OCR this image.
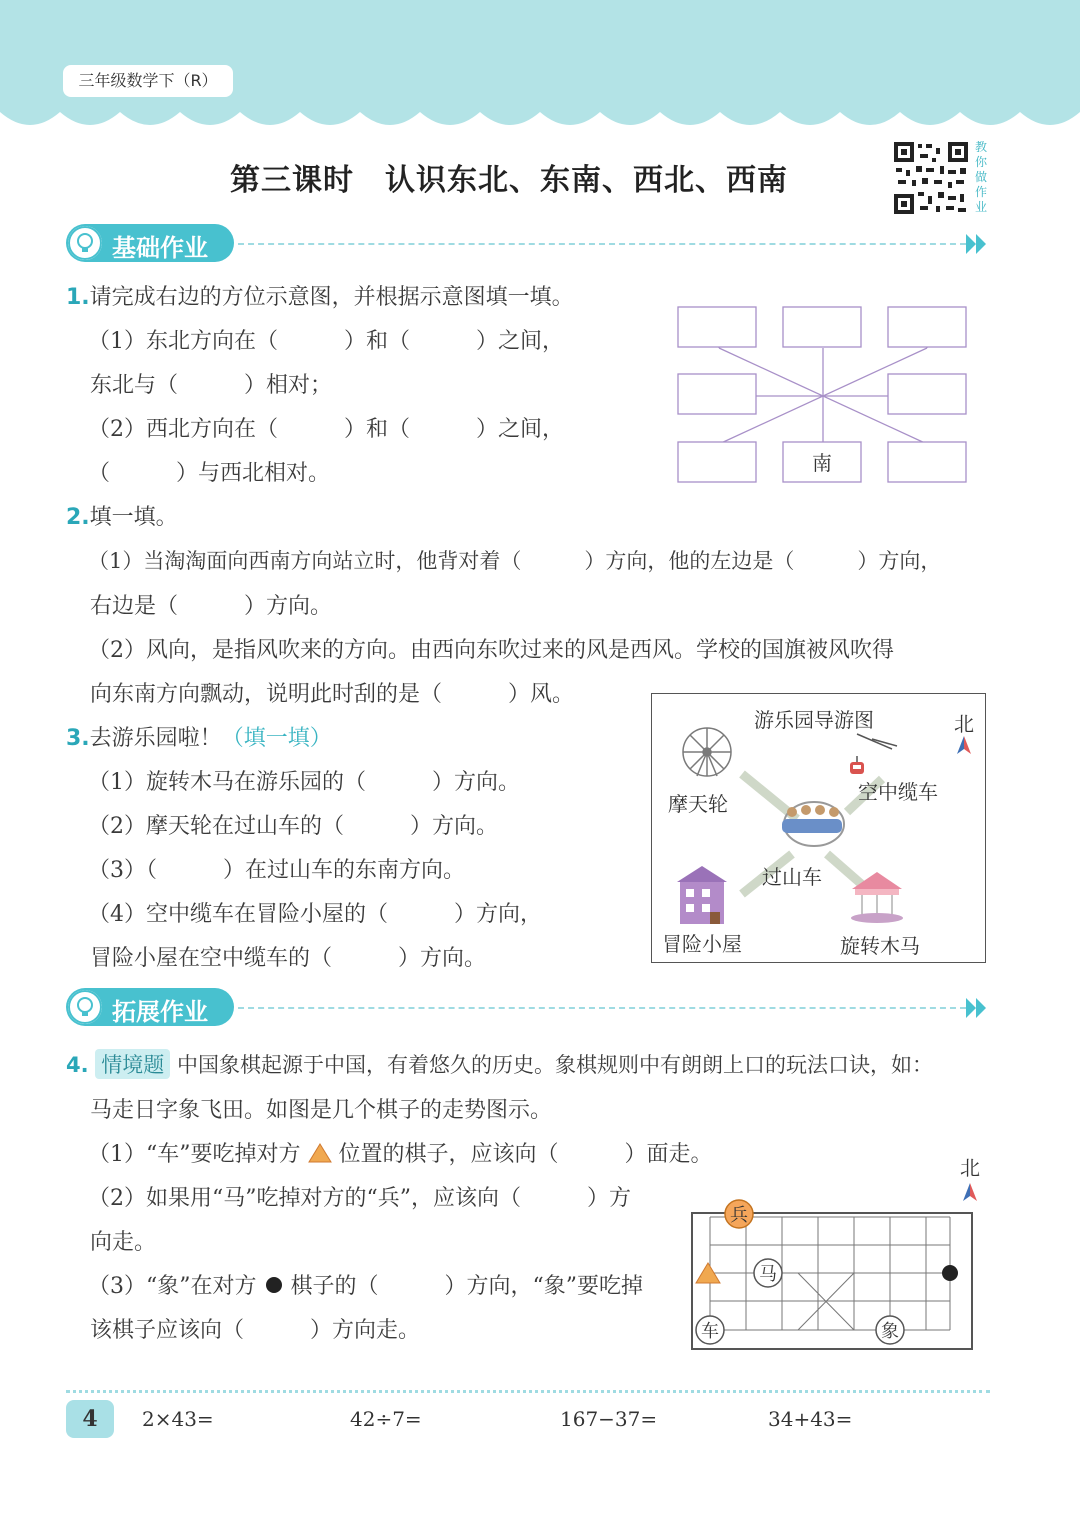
三年级数学下（R）
第三课时　认识东北、东南、西北、西南
教你做作业
基础作业
1.请完成右边的方位示意图，并根据示意图填一填。
（1）东北方向在（　　　）和（　　　）之间，
东北与（　　　）相对；
（2）西北方向在（　　　）和（　　　）之间，
（　　　）与西北相对。	南
2.填一填。
（1）当淘淘面向西南方向站立时，他背对着（　　　）方向，他的左边是（　　　）方向，
右边是（　　　）方向。
（2）风向，是指风吹来的方向。由西向东吹过来的风是西风。学校的国旗被风吹得
向东南方向飘动，说明此时刮的是（　　　）风。
3.去游乐园啦！（填一填）
（1）旋转木马在游乐园的（　　　）方向。
（2）摩天轮在过山车的（　　　）方向。
（3）（　　　）在过山车的东南方向。
（4）空中缆车在冒险小屋的（　　　）方向，
冒险小屋在空中缆车的（　　　）方向。
游乐园导游图	北
摩天轮	空中缆车
过山车
冒险小屋	旋转木马
拓展作业
4. 情境题 中国象棋起源于中国，有着悠久的历史。象棋规则中有朗朗上口的玩法口诀，如：
马走日字象飞田。如图是几个棋子的走势图示。
（1）“车”要吃掉对方 位置的棋子，应该向（　　　）面走。
（2）如果用“马”吃掉对方的“兵”，应该向（　　　）方
向走。
（3）“象”在对方 棋子的（　　　）方向，“象”要吃掉
该棋子应该向（　　　）方向走。
北
兵
马
车	象
4	2×43=	42÷7=	167−37=	34+43=
